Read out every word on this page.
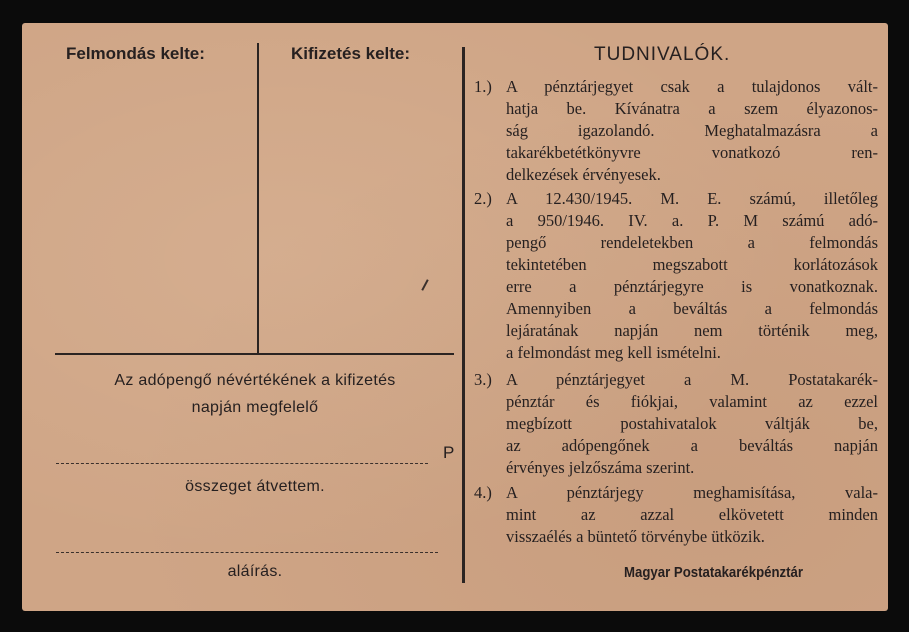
Felmondás kelte:	Kifizetés kelte:
Az adópengő névértékének a kifizetés
napján megfelelő
P
összeget átvettem.
aláírás.
TUDNIVALÓK.
1.) A pénztárjegyet csak a tulajdonos vált-
hatja be. Kívánatra a szem élyazonos-
ság igazolandó. Meghatalmazásra a
takarékbetétkönyvre vonatkozó ren-
delkezések érvényesek.
2.) A 12.430/1945. M. E. számú, illetőleg
a 950/1946. IV. a. P. M számú adó-
pengő rendeletekben a felmondás
tekintetében megszabott korlátozások
erre a pénztárjegyre is vonatkoznak.
Amennyiben a beváltás a felmondás
lejáratának napján nem történik meg,
a felmondást meg kell ismételni.
3.) A pénztárjegyet a M. Postatakarék-
pénztár és fiókjai, valamint az ezzel
megbízott postahivatalok váltják be,
az adópengőnek a beváltás napján
érvényes jelzőszáma szerint.
4.) A pénztárjegy meghamisítása, vala-
mint az azzal elkövetett minden
visszaélés a büntető törvénybe ütközik.
Magyar Postatakarékpénztár
